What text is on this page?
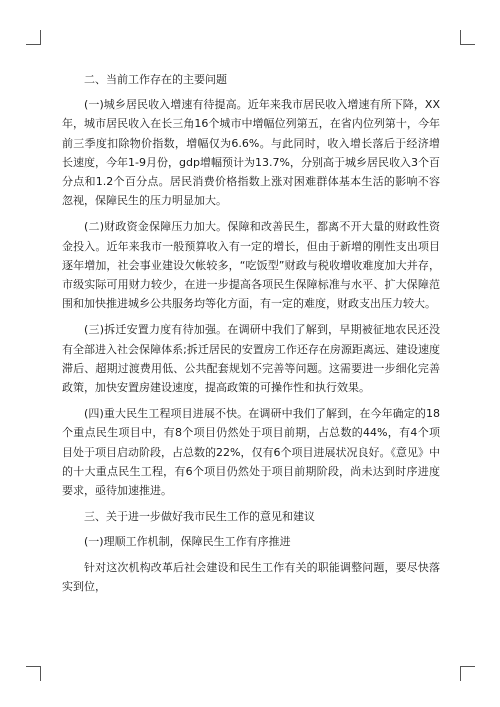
二、当前工作存在的主要问题

(一)城乡居民收入增速有待提高。近年来我市居民收入增速有所下降，XX年，城市居民收入在长三角16个城市中增幅位列第五，在省内位列第十，今年前三季度扣除物价指数，增幅仅为6.6%。与此同时，收入增长落后于经济增长速度，今年1-9月份，gdp增幅预计为13.7%，分别高于城乡居民收入3个百分点和1.2个百分点。居民消费价格指数上涨对困难群体基本生活的影响不容忽视，保障民生的压力明显加大。

(二)财政资金保障压力加大。保障和改善民生，都离不开大量的财政性资金投入。近年来我市一般预算收入有一定的增长，但由于新增的刚性支出项目逐年增加，社会事业建设欠帐较多，“吃饭型”财政与税收增收难度加大并存，市级实际可用财力较少，在进一步提高各项民生保障标准与水平、扩大保障范围和加快推进城乡公共服务均等化方面，有一定的难度，财政支出压力较大。

(三)拆迁安置力度有待加强。在调研中我们了解到，早期被征地农民还没有全部进入社会保障体系;拆迁居民的安置房工作还存在房源距离远、建设速度滞后、超期过渡费用低、公共配套规划不完善等问题。这需要进一步细化完善政策，加快安置房建设速度，提高政策的可操作性和执行效果。

(四)重大民生工程项目进展不快。在调研中我们了解到，在今年确定的18个重点民生项目中，有8个项目仍然处于项目前期，占总数的44%，有4个项目处于项目启动阶段，占总数的22%，仅有6个项目进展状况良好。《意见》中的十大重点民生工程，有6个项目仍然处于项目前期阶段，尚未达到时序进度要求，亟待加速推进。

三、关于进一步做好我市民生工作的意见和建议

(一)理顺工作机制，保障民生工作有序推进

针对这次机构改革后社会建设和民生工作有关的职能调整问题，要尽快落实到位，
